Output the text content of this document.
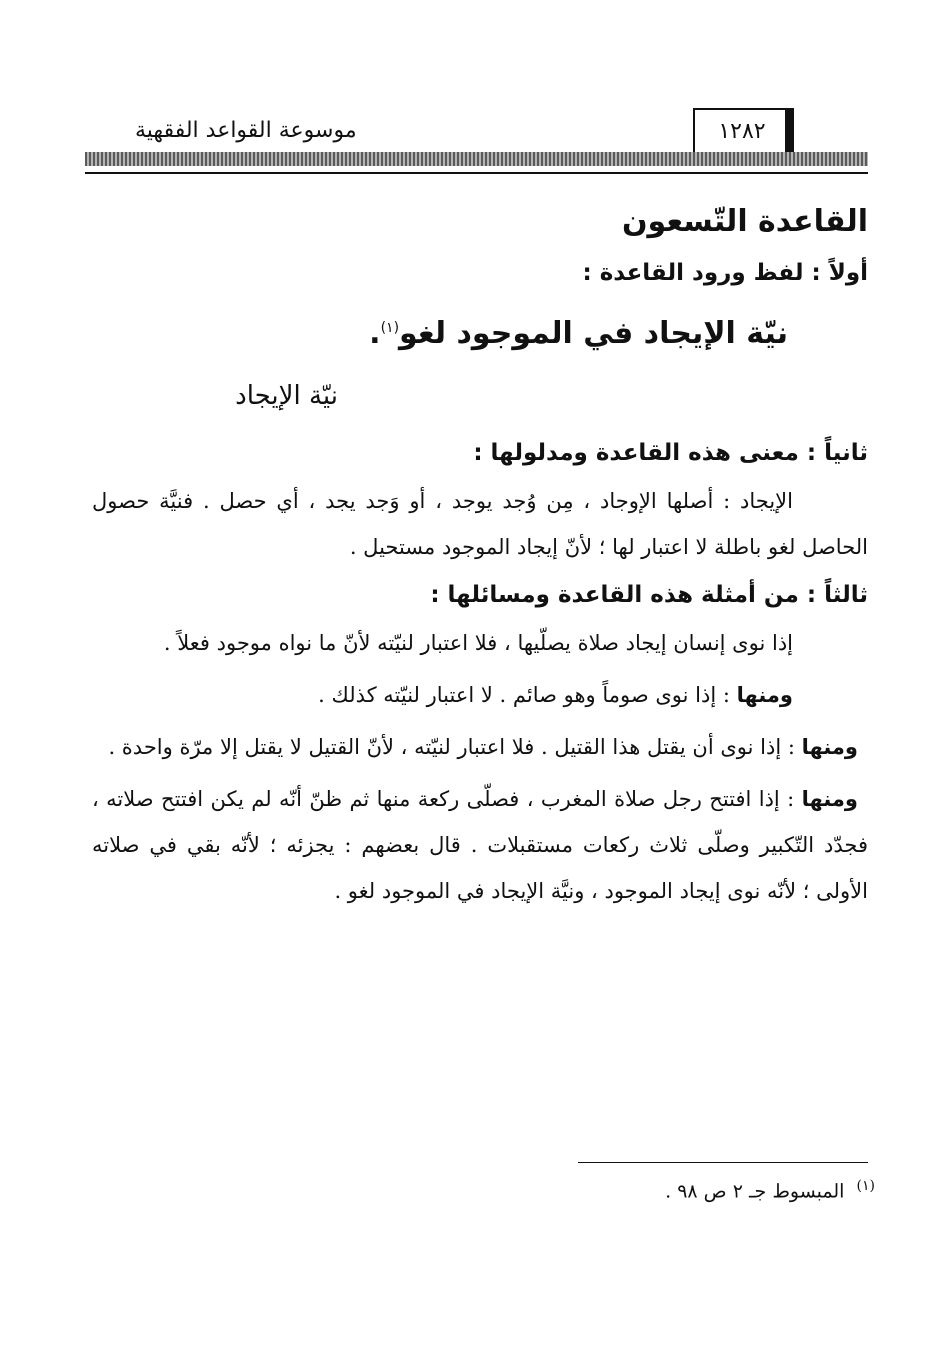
موسوعة القواعد الفقهية	١٢٨٢

القاعدة التّسعون

أولاً : لفظ ورود القاعدة :

نيّة الإيجاد في الموجود لغو$^{(١)}$.

نيّة الإيجاد

ثانياً : معنى هذه القاعدة ومدلولها :

الإيجاد : أصلها الإوجاد ، مِن وُجد يوجد ، أو وَجد يجد ، أي حصل . فنيَّة حصول الحاصل لغو باطلة لا اعتبار لها ؛ لأنّ إيجاد الموجود مستحيل .

ثالثاً : من أمثلة هذه القاعدة ومسائلها :

إذا نوى إنسان إيجاد صلاة يصلّيها ، فلا اعتبار لنيّته لأنّ ما نواه موجود فعلاً .

ومنها : إذا نوى صوماً وهو صائم . لا اعتبار لنيّته كذلك .

ومنها : إذا نوى أن يقتل هذا القتيل . فلا اعتبار لنيّته ، لأنّ القتيل لا يقتل إلا مرّة واحدة .

ومنها : إذا افتتح رجل صلاة المغرب ، فصلّى ركعة منها ثم ظنّ أنّه لم يكن افتتح صلاته ، فجدّد التّكبير وصلّى ثلاث ركعات مستقبلات . قال بعضهم : يجزئه ؛ لأنّه بقي في صلاته الأولى ؛ لأنّه نوى إيجاد الموجود ، ونيَّة الإيجاد في الموجود لغو .

$^{(١)}$  المبسوط جـ ٢ ص ٩٨ .
